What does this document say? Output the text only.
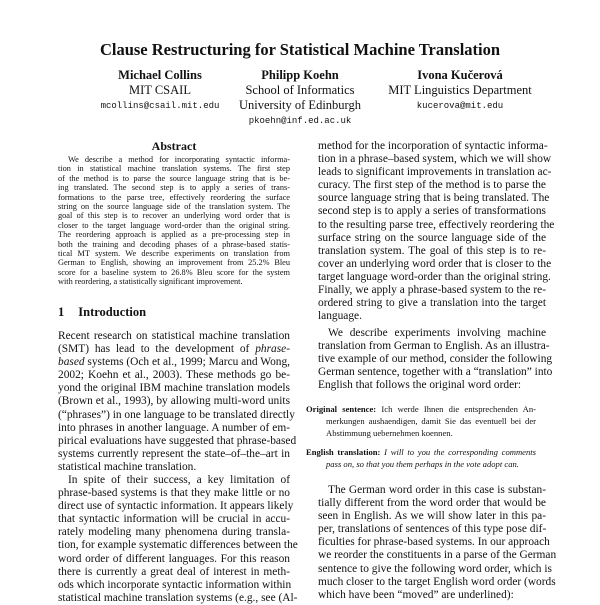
Clause Restructuring for Statistical Machine Translation
Michael Collins
MIT CSAIL
mcollins@csail.mit.edu
Philipp Koehn
School of Informatics
University of Edinburgh
pkoehn@inf.ed.ac.uk
Ivona Kučerová
MIT Linguistics Department
kucerova@mit.edu
Abstract
We describe a method for incorporating syntactic informa-
tion in statistical machine translation systems. The first step
of the method is to parse the source language string that is be-
ing translated. The second step is to apply a series of trans-
formations to the parse tree, effectively reordering the surface
string on the source language side of the translation system. The
goal of this step is to recover an underlying word order that is
closer to the target language word-order than the original string.
The reordering approach is applied as a pre-processing step in
both the training and decoding phases of a phrase-based statis-
tical MT system. We describe experiments on translation from
German to English, showing an improvement from 25.2% Bleu
score for a baseline system to 26.8% Bleu score for the system
with reordering, a statistically significant improvement.
1 Introduction
Recent research on statistical machine translation
(SMT) has lead to the development of phrase-
based systems (Och et al., 1999; Marcu and Wong,
2002; Koehn et al., 2003). These methods go be-
yond the original IBM machine translation models
(Brown et al., 1993), by allowing multi-word units
(“phrases”) in one language to be translated directly
into phrases in another language. A number of em-
pirical evaluations have suggested that phrase-based
systems currently represent the state–of–the–art in
statistical machine translation.
In spite of their success, a key limitation of
phrase-based systems is that they make little or no
direct use of syntactic information. It appears likely
that syntactic information will be crucial in accu-
rately modeling many phenomena during transla-
tion, for example systematic differences between the
word order of different languages. For this reason
there is currently a great deal of interest in meth-
ods which incorporate syntactic information within
statistical machine translation systems (e.g., see (Al-
method for the incorporation of syntactic informa-
tion in a phrase–based system, which we will show
leads to significant improvements in translation ac-
curacy. The first step of the method is to parse the
source language string that is being translated. The
second step is to apply a series of transformations
to the resulting parse tree, effectively reordering the
surface string on the source language side of the
translation system. The goal of this step is to re-
cover an underlying word order that is closer to the
target language word-order than the original string.
Finally, we apply a phrase-based system to the re-
ordered string to give a translation into the target
language.
We describe experiments involving machine
translation from German to English. As an illustra-
tive example of our method, consider the following
German sentence, together with a “translation” into
English that follows the original word order:
Original sentence: Ich werde Ihnen die entsprechenden An-
merkungen aushaendigen, damit Sie das eventuell bei der
Abstimmung uebernehmen koennen.
English translation: I will to you the corresponding comments
pass on, so that you them perhaps in the vote adopt can.
The German word order in this case is substan-
tially different from the word order that would be
seen in English. As we will show later in this pa-
per, translations of sentences of this type pose dif-
ficulties for phrase-based systems. In our approach
we reorder the constituents in a parse of the German
sentence to give the following word order, which is
much closer to the target English word order (words
which have been “moved” are underlined):
